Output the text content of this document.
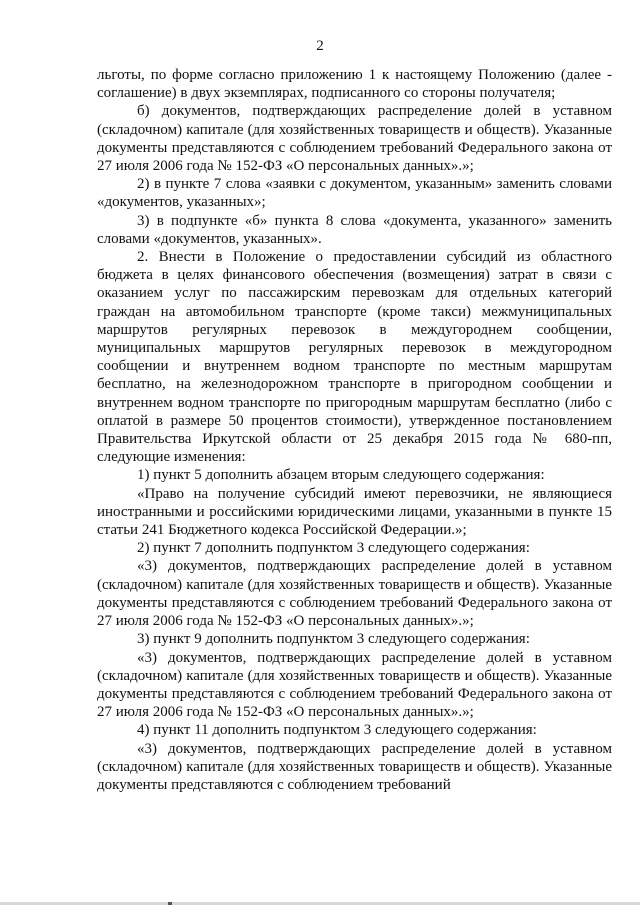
2

льготы, по форме согласно приложению 1 к настоящему Положению (далее - соглашение) в двух экземплярах, подписанного со стороны получателя;

б) документов, подтверждающих распределение долей в уставном (складочном) капитале (для хозяйственных товариществ и обществ). Указанные документы представляются с соблюдением требований Федерального закона от 27 июля 2006 года № 152-ФЗ «О персональных данных».»;

2) в пункте 7 слова «заявки с документом, указанным» заменить словами «документов, указанных»;

3) в подпункте «б» пункта 8 слова «документа, указанного» заменить словами «документов, указанных».

2. Внести в Положение о предоставлении субсидий из областного бюджета в целях финансового обеспечения (возмещения) затрат в связи с оказанием услуг по пассажирским перевозкам для отдельных категорий граждан на автомобильном транспорте (кроме такси) межмуниципальных маршрутов регулярных перевозок в междугороднем сообщении, муниципальных маршрутов регулярных перевозок в междугородном сообщении и внутреннем водном транспорте по местным маршрутам бесплатно, на железнодорожном транспорте в пригородном сообщении и внутреннем водном транспорте по пригородным маршрутам бесплатно (либо с оплатой в размере 50 процентов стоимости), утвержденное постановлением Правительства Иркутской области от 25 декабря 2015 года № 680-пп, следующие изменения:

1) пункт 5 дополнить абзацем вторым следующего содержания:

«Право на получение субсидий имеют перевозчики, не являющиеся иностранными и российскими юридическими лицами, указанными в пункте 15 статьи 241 Бюджетного кодекса Российской Федерации.»;

2) пункт 7 дополнить подпунктом 3 следующего содержания:

«3) документов, подтверждающих распределение долей в уставном (складочном) капитале (для хозяйственных товариществ и обществ). Указанные документы представляются с соблюдением требований Федерального закона от 27 июля 2006 года № 152-ФЗ «О персональных данных».»;

3) пункт 9 дополнить подпунктом 3 следующего содержания:

«3) документов, подтверждающих распределение долей в уставном (складочном) капитале (для хозяйственных товариществ и обществ). Указанные документы представляются с соблюдением требований Федерального закона от 27 июля 2006 года № 152-ФЗ «О персональных данных».»;

4) пункт 11 дополнить подпунктом 3 следующего содержания:

«3) документов, подтверждающих распределение долей в уставном (складочном) капитале (для хозяйственных товариществ и обществ). Указанные документы представляются с соблюдением требований
